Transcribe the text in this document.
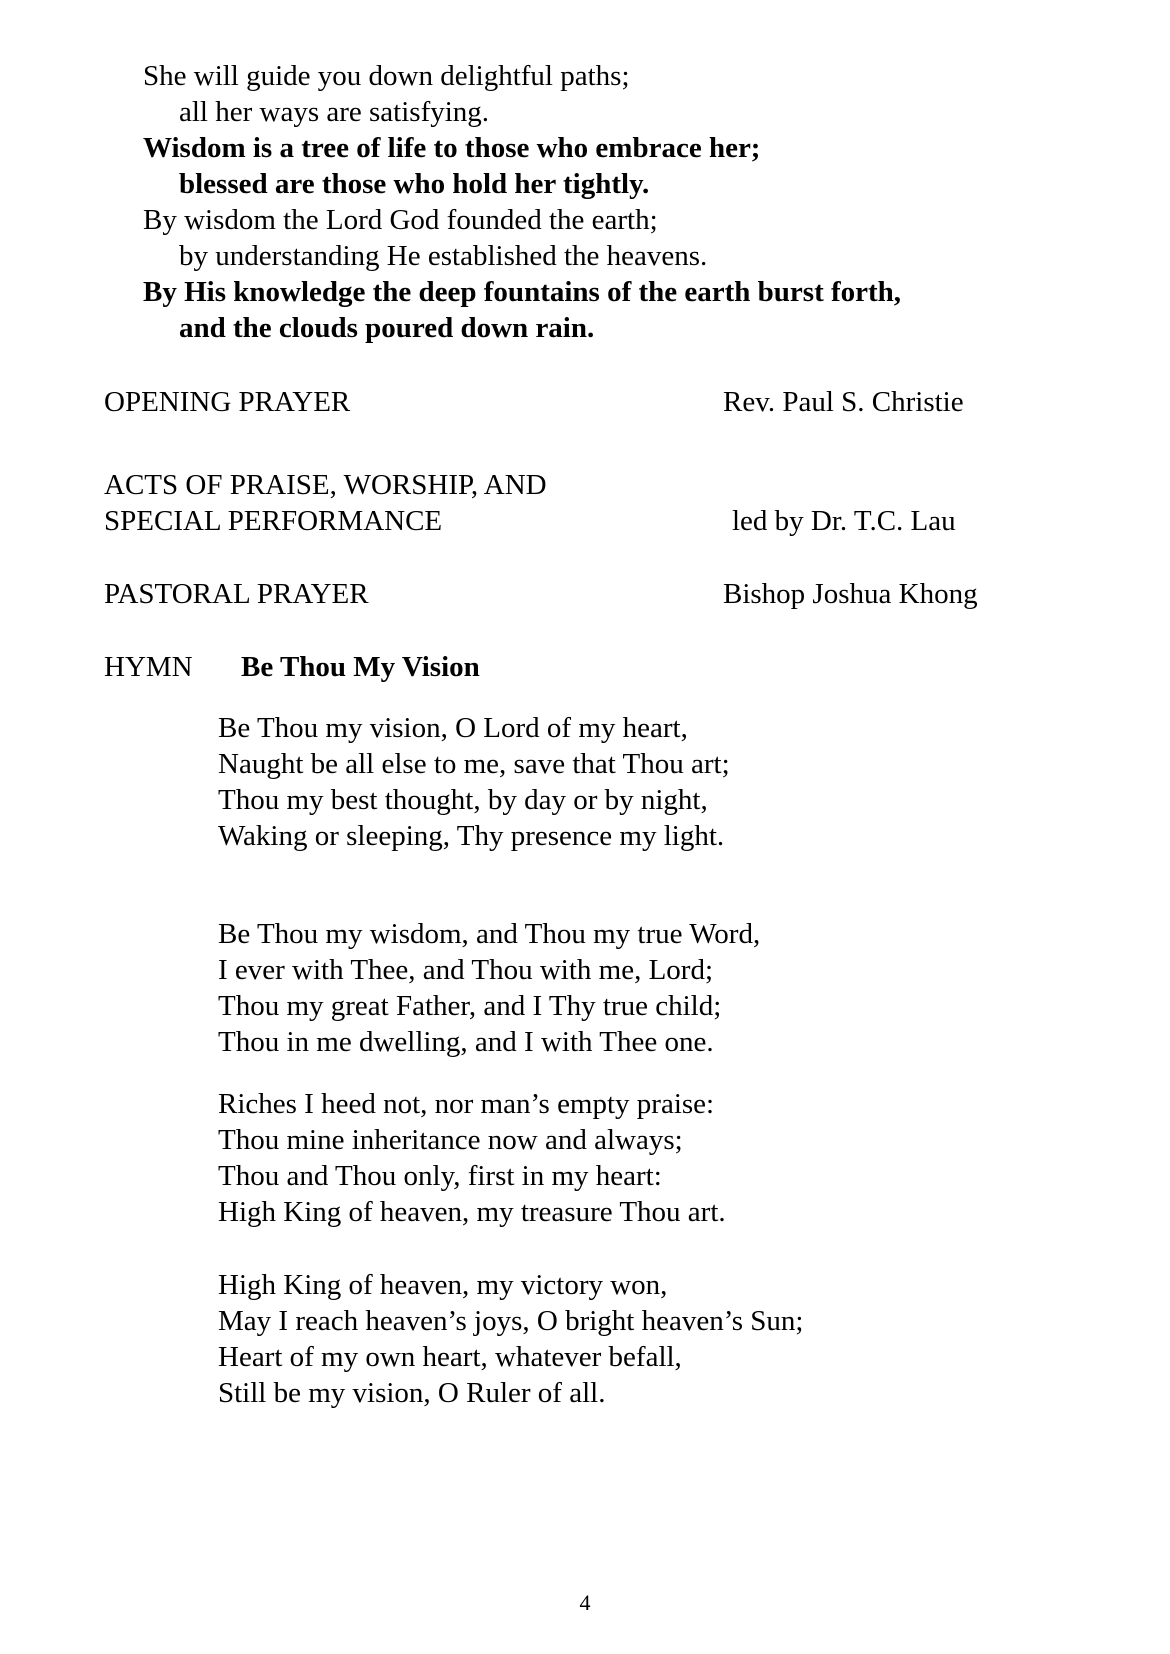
She will guide you down delightful paths;
all her ways are satisfying.
Wisdom is a tree of life to those who embrace her;
blessed are those who hold her tightly.
By wisdom the Lord God founded the earth;
by understanding He established the heavens.
By His knowledge the deep fountains of the earth burst forth,
and the clouds poured down rain.
OPENING PRAYER	Rev. Paul S. Christie
ACTS OF PRAISE, WORSHIP, AND
SPECIAL PERFORMANCE	led by Dr. T.C. Lau
PASTORAL PRAYER	Bishop Joshua Khong
HYMN Be Thou My Vision
Be Thou my vision, O Lord of my heart,
Naught be all else to me, save that Thou art;
Thou my best thought, by day or by night,
Waking or sleeping, Thy presence my light.
Be Thou my wisdom, and Thou my true Word,
I ever with Thee, and Thou with me, Lord;
Thou my great Father, and I Thy true child;
Thou in me dwelling, and I with Thee one.
Riches I heed not, nor man’s empty praise:
Thou mine inheritance now and always;
Thou and Thou only, first in my heart:
High King of heaven, my treasure Thou art.
High King of heaven, my victory won,
May I reach heaven’s joys, O bright heaven’s Sun;
Heart of my own heart, whatever befall,
Still be my vision, O Ruler of all.
4
